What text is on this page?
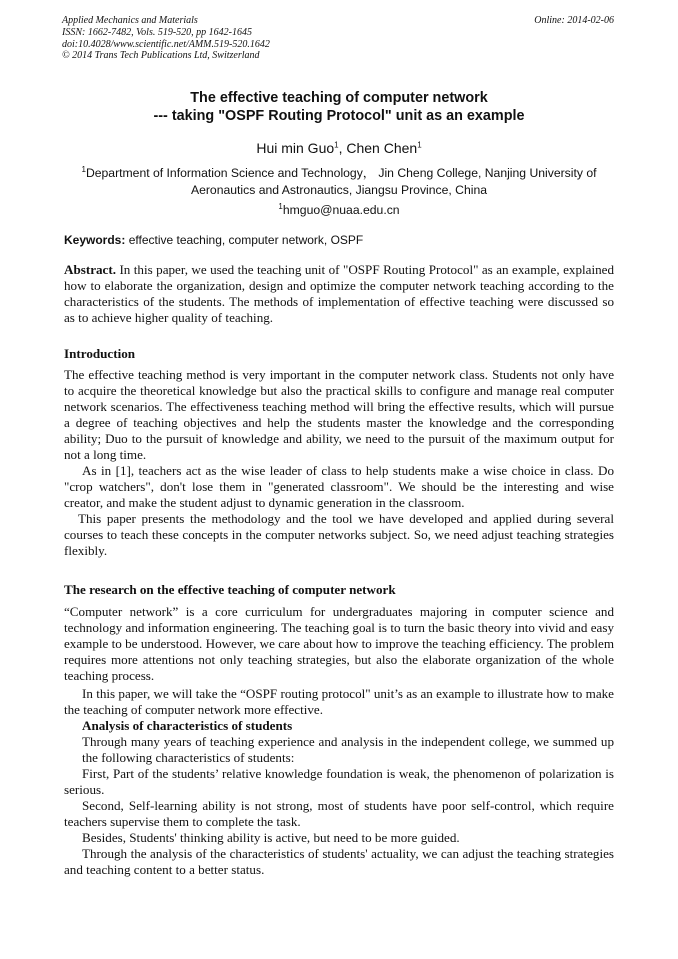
Applied Mechanics and Materials
ISSN: 1662-7482, Vols. 519-520, pp 1642-1645
doi:10.4028/www.scientific.net/AMM.519-520.1642
© 2014 Trans Tech Publications Ltd, Switzerland
Online: 2014-02-06
The effective teaching of computer network
--- taking "OSPF Routing Protocol" unit as an example
Hui min Guo$^1$, Chen Chen$^1$
$^1$Department of Information Science and Technology， Jin Cheng College, Nanjing University of
Aeronautics and Astronautics, Jiangsu Province, China
$^1$hmguo@nuaa.edu.cn
Keywords: effective teaching, computer network, OSPF

Abstract. In this paper, we used the teaching unit of "OSPF Routing Protocol" as an example, explained how to elaborate the organization, design and optimize the computer network teaching according to the characteristics of the students. The methods of implementation of effective teaching were discussed so as to achieve higher quality of teaching.

Introduction

The effective teaching method is very important in the computer network class. Students not only have to acquire the theoretical knowledge but also the practical skills to configure and manage real computer network scenarios. The effectiveness teaching method will bring the effective results, which will pursue a degree of teaching objectives and help the students master the knowledge and the corresponding ability; Duo to the pursuit of knowledge and ability, we need to the pursuit of the maximum output for not a long time.

As in [1], teachers act as the wise leader of class to help students make a wise choice in class. Do "crop watchers", don't lose them in "generated classroom". We should be the interesting and wise creator, and make the student adjust to dynamic generation in the classroom.

This paper presents the methodology and the tool we have developed and applied during several courses to teach these concepts in the computer networks subject. So, we need adjust teaching strategies flexibly.

The research on the effective teaching of computer network

“Computer network” is a core curriculum for undergraduates majoring in computer science and technology and information engineering. The teaching goal is to turn the basic theory into vivid and easy example to be understood. However, we care about how to improve the teaching efficiency. The problem requires more attentions not only teaching strategies, but also the elaborate organization of the whole teaching process.

In this paper, we will take the “OSPF routing protocol" unit’s as an example to illustrate how to make the teaching of computer network more effective.

Analysis of characteristics of students

Through many years of teaching experience and analysis in the independent college, we summed up the following characteristics of students:

First, Part of the students’ relative knowledge foundation is weak, the phenomenon of polarization is serious.

Second, Self-learning ability is not strong, most of students have poor self-control, which require teachers supervise them to complete the task.

Besides, Students' thinking ability is active, but need to be more guided.

Through the analysis of the characteristics of students' actuality, we can adjust the teaching strategies and teaching content to a better status.
